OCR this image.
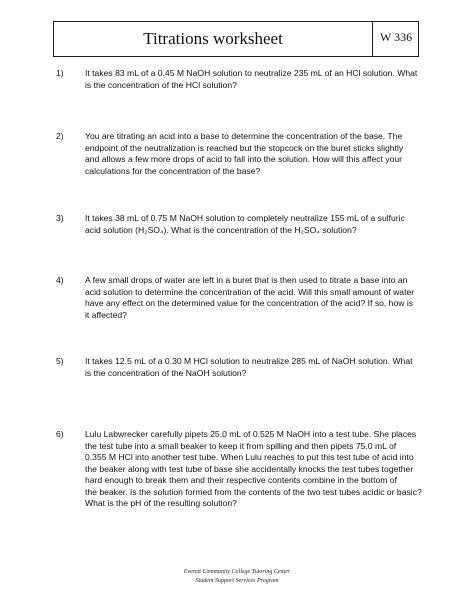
Titrations worksheet	W 336
1) It takes 83 mL of a 0.45 M NaOH solution to neutralize 235 mL of an HCl solution. What
is the concentration of the HCl solution?
2) You are titrating an acid into a base to determine the concentration of the base. The
endpoint of the neutralization is reached but the stopcock on the buret sticks slightly
and allows a few more drops of acid to fall into the solution. How will this affect your
calculations for the concentration of the base?
3) It takes 38 mL of 0.75 M NaOH solution to completely neutralize 155 mL of a sulfuric
acid solution (H₂SO₄). What is the concentration of the H₂SO₄ solution?
4) A few small drops of water are left in a buret that is then used to titrate a base into an
acid solution to determine the concentration of the acid. Will this small amount of water
have any effect on the determined value for the concentration of the acid? If so, how is
it affected?
5) It takes 12.5 mL of a 0.30 M HCl solution to neutralize 285 mL of NaOH solution. What
is the concentration of the NaOH solution?
6) Lulu Labwrecker carefully pipets 25.0 mL of 0.525 M NaOH into a test tube. She places
the test tube into a small beaker to keep it from spilling and then pipets 75.0 mL of
0.355 M HCl into another test tube. When Lulu reaches to put this test tube of acid into
the beaker along with test tube of base she accidentally knocks the test tubes together
hard enough to break them and their respective contents combine in the bottom of
the beaker. Is the solution formed from the contents of the two test tubes acidic or basic?
What is the pH of the resulting solution?
Everett Community College Tutoring Center
Student Support Services Program
